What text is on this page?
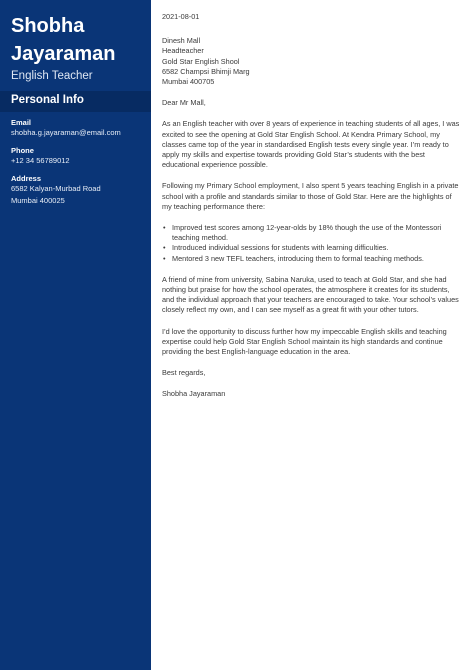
Shobha Jayaraman
English Teacher
Personal Info
Email
shobha.g.jayaraman@email.com
Phone
+12 34 56789012
Address
6582 Kalyan-Murbad Road
Mumbai 400025

2021-08-01

Dinesh Mall

Headteacher

Gold Star English Shool

6582 Champsi Bhimji Marg

Mumbai 400705

Dear Mr Mall,

As an English teacher with over 8 years of experience in teaching students of all ages, I was excited to see the opening at Gold Star English School. At Kendra Primary School, my classes came top of the year in standardised English tests every single year. I’m ready to apply my skills and expertise towards providing Gold Star’s students with the best educational experience possible.

Following my Primary School employment, I also spent 5 years teaching English in a private school with a profile and standards similar to those of Gold Star. Here are the highlights of my teaching performance there:

• Improved test scores among 12-year-olds by 18% though the use of the Montessori teaching method.
• Introduced individual sessions for students with learning difficulties.
• Mentored 3 new TEFL teachers, introducing them to formal teaching methods.

A friend of mine from university, Sabina Naruka, used to teach at Gold Star, and she had nothing but praise for how the school operates, the atmosphere it creates for its students, and the individual approach that your teachers are encouraged to take. Your school’s values closely reflect my own, and I can see myself as a great fit with your other tutors.

I’d love the opportunity to discuss further how my impeccable English skills and teaching expertise could help Gold Star English School maintain its high standards and continue providing the best English-language education in the area.

Best regards,

Shobha Jayaraman
